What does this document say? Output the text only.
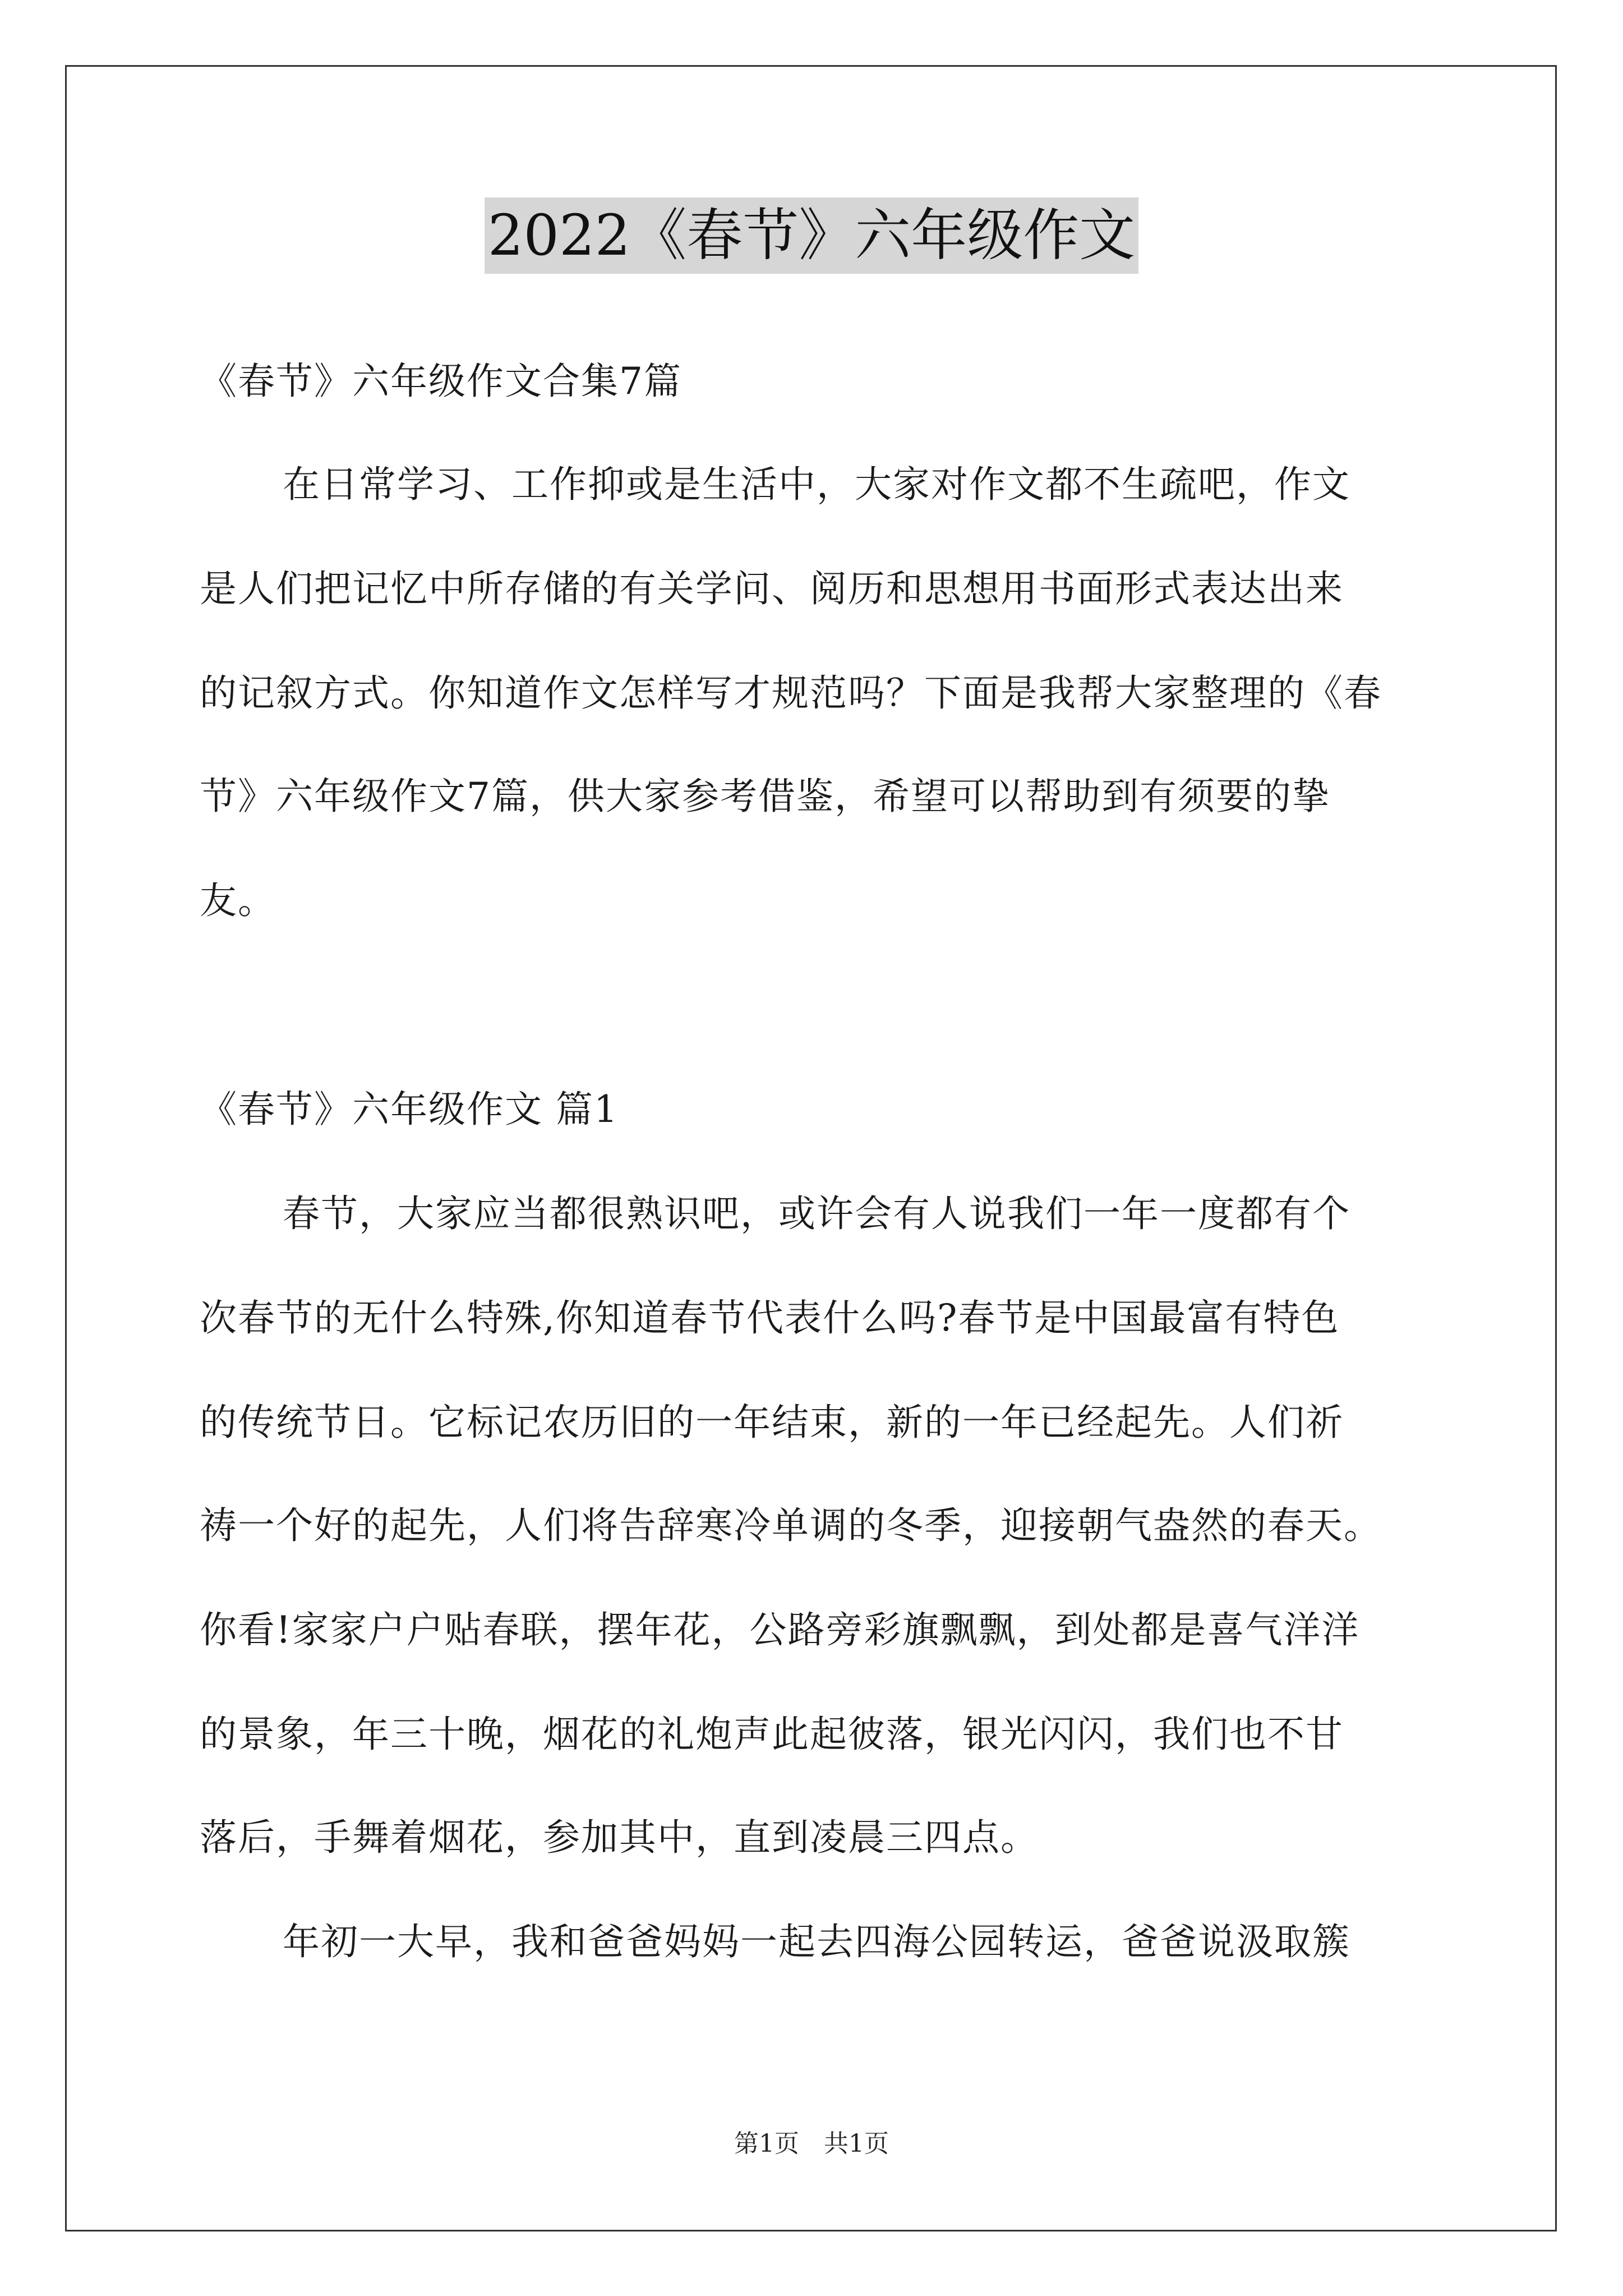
2022《春节》六年级作文
《春节》六年级作文合集7篇
在日常学习、工作抑或是生活中，大家对作文都不生疏吧，作文
是人们把记忆中所存储的有关学问、阅历和思想用书面形式表达出来
的记叙方式。你知道作文怎样写才规范吗？下面是我帮大家整理的《春
节》六年级作文7篇，供大家参考借鉴，希望可以帮助到有须要的挚
友。
《春节》六年级作文 篇1
春节，大家应当都很熟识吧，或许会有人说我们一年一度都有个
次春节的无什么特殊,你知道春节代表什么吗?春节是中国最富有特色
的传统节日。它标记农历旧的一年结束，新的一年已经起先。人们祈
祷一个好的起先，人们将告辞寒冷单调的冬季，迎接朝气盎然的春天。
你看!家家户户贴春联，摆年花，公路旁彩旗飘飘，到处都是喜气洋洋
的景象，年三十晚，烟花的礼炮声此起彼落，银光闪闪，我们也不甘
落后，手舞着烟花，参加其中，直到凌晨三四点。
年初一大早，我和爸爸妈妈一起去四海公园转运，爸爸说汲取簇
第1页　共1页
